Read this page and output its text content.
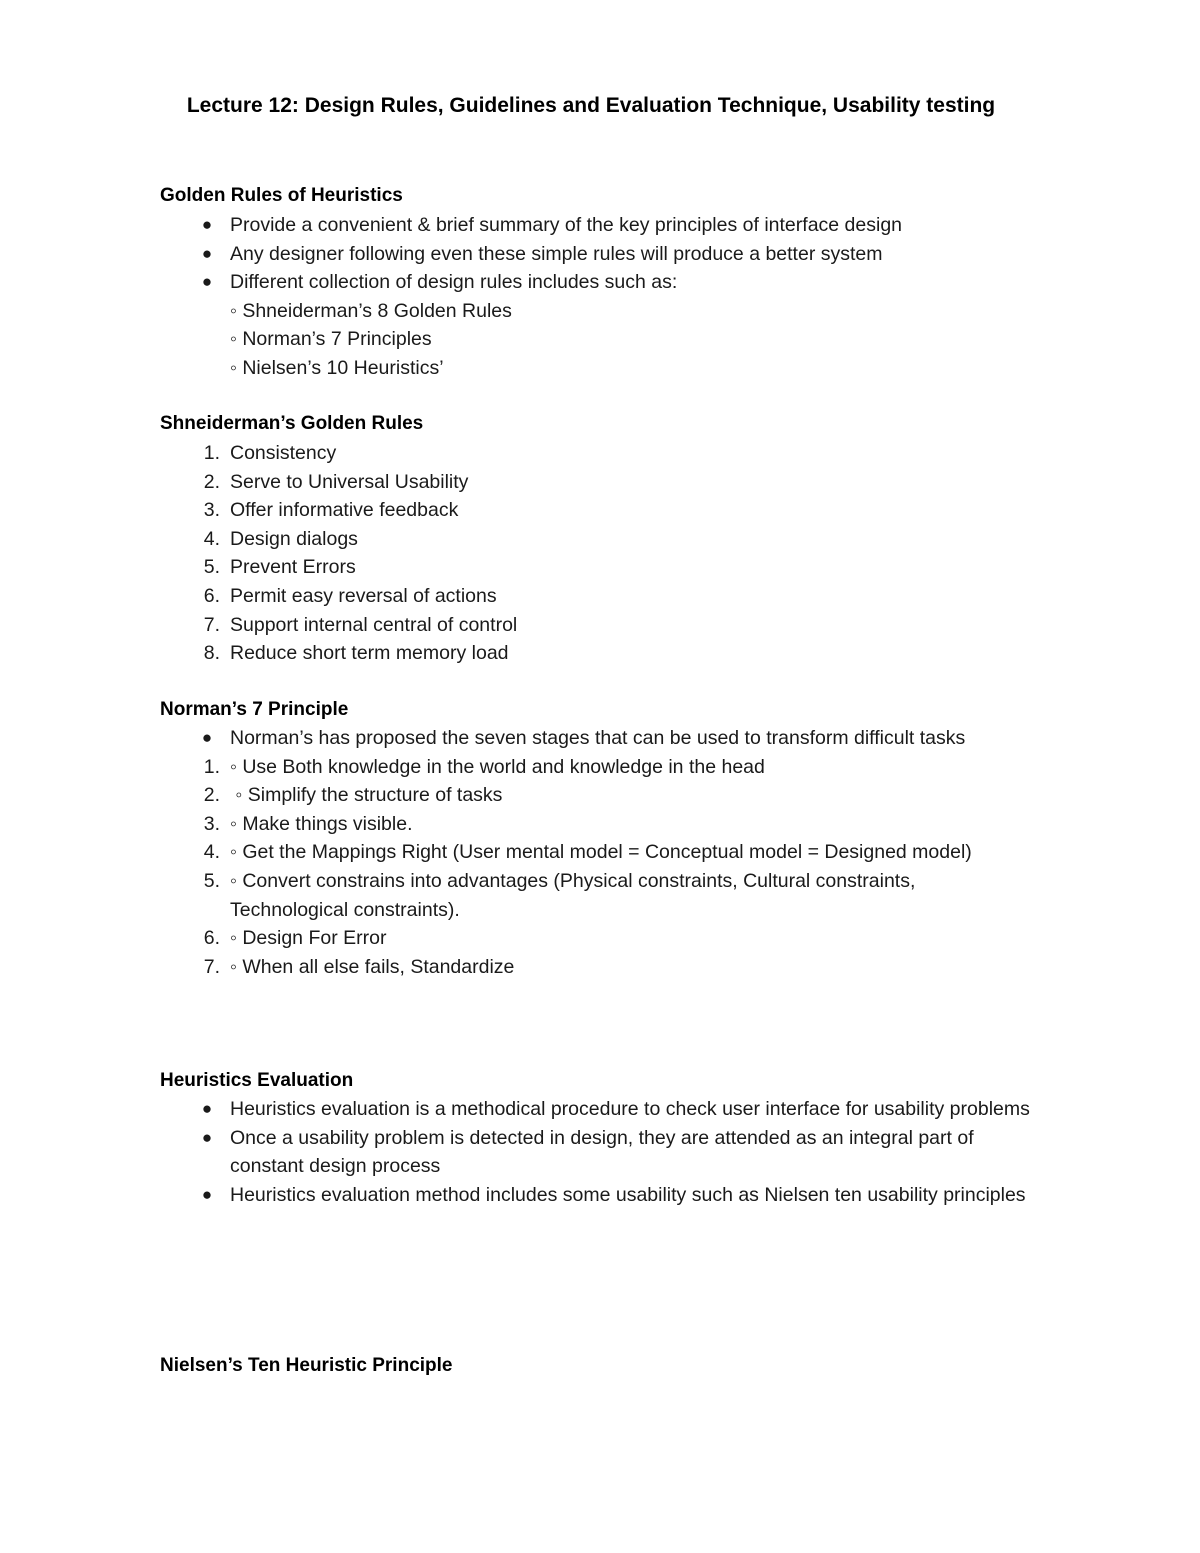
Lecture 12: Design Rules, Guidelines and Evaluation Technique, Usability testing
Golden Rules of Heuristics
● Provide a convenient & brief summary of the key principles of interface design
● Any designer following even these simple rules will produce a better system
● Different collection of design rules includes such as:
◦ Shneiderman’s 8 Golden Rules
◦ Norman’s 7 Principles
◦ Nielsen’s 10 Heuristics’
Shneiderman’s Golden Rules
1. Consistency
2. Serve to Universal Usability
3. Offer informative feedback
4. Design dialogs
5. Prevent Errors
6. Permit easy reversal of actions
7. Support internal central of control
8. Reduce short term memory load
Norman’s 7 Principle
● Norman’s has proposed the seven stages that can be used to transform difficult tasks
1. ◦ Use Both knowledge in the world and knowledge in the head
2. ◦ Simplify the structure of tasks
3. ◦ Make things visible.
4. ◦ Get the Mappings Right (User mental model = Conceptual model = Designed model)
5. ◦ Convert constrains into advantages (Physical constraints, Cultural constraints, Technological constraints).
6. ◦ Design For Error
7. ◦ When all else fails, Standardize
Heuristics Evaluation
● Heuristics evaluation is a methodical procedure to check user interface for usability problems
● Once a usability problem is detected in design, they are attended as an integral part of constant design process
● Heuristics evaluation method includes some usability such as Nielsen ten usability principles
Nielsen’s Ten Heuristic Principle
